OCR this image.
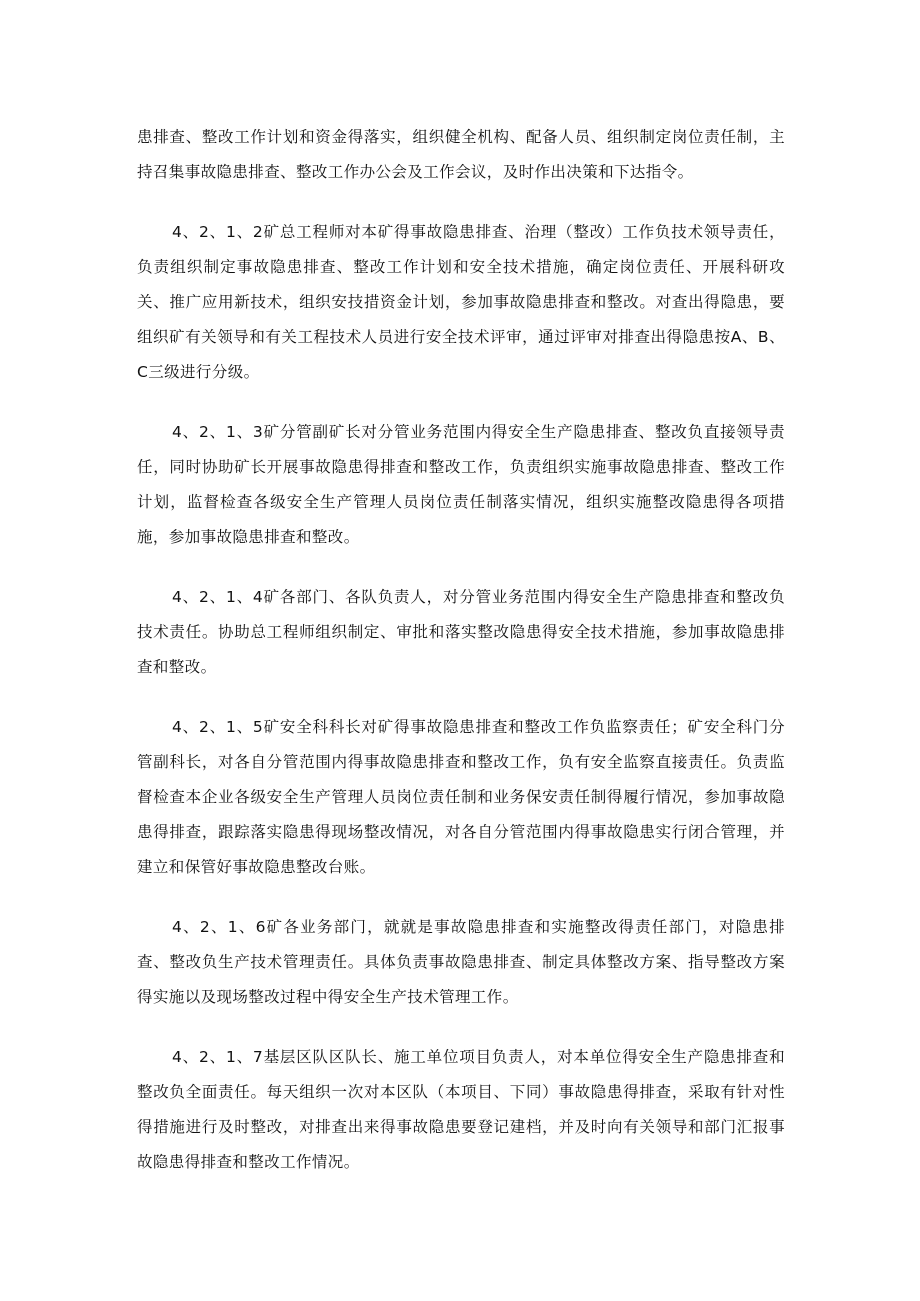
患排查、整改工作计划和资金得落实，组织健全机构、配备人员、组织制定岗位责任制，主持召集事故隐患排查、整改工作办公会及工作会议，及时作出决策和下达指令。

4、2、1、2矿总工程师对本矿得事故隐患排查、治理（整改）工作负技术领导责任，负责组织制定事故隐患排查、整改工作计划和安全技术措施，确定岗位责任、开展科研攻关、推广应用新技术，组织安技措资金计划，参加事故隐患排查和整改。对查出得隐患，要组织矿有关领导和有关工程技术人员进行安全技术评审，通过评审对排查出得隐患按A、B、C三级进行分级。

4、2、1、3矿分管副矿长对分管业务范围内得安全生产隐患排查、整改负直接领导责任，同时协助矿长开展事故隐患得排查和整改工作，负责组织实施事故隐患排查、整改工作计划，监督检查各级安全生产管理人员岗位责任制落实情况，组织实施整改隐患得各项措施，参加事故隐患排查和整改。

4、2、1、4矿各部门、各队负责人，对分管业务范围内得安全生产隐患排查和整改负技术责任。协助总工程师组织制定、审批和落实整改隐患得安全技术措施，参加事故隐患排查和整改。

4、2、1、5矿安全科科长对矿得事故隐患排查和整改工作负监察责任；矿安全科门分管副科长，对各自分管范围内得事故隐患排查和整改工作，负有安全监察直接责任。负责监督检查本企业各级安全生产管理人员岗位责任制和业务保安责任制得履行情况，参加事故隐患得排查，跟踪落实隐患得现场整改情况，对各自分管范围内得事故隐患实行闭合管理，并建立和保管好事故隐患整改台账。

4、2、1、6矿各业务部门，就就是事故隐患排查和实施整改得责任部门，对隐患排查、整改负生产技术管理责任。具体负责事故隐患排查、制定具体整改方案、指导整改方案得实施以及现场整改过程中得安全生产技术管理工作。

4、2、1、7基层区队区队长、施工单位项目负责人，对本单位得安全生产隐患排查和整改负全面责任。每天组织一次对本区队（本项目、下同）事故隐患得排查，采取有针对性得措施进行及时整改，对排查出来得事故隐患要登记建档，并及时向有关领导和部门汇报事故隐患得排查和整改工作情况。
